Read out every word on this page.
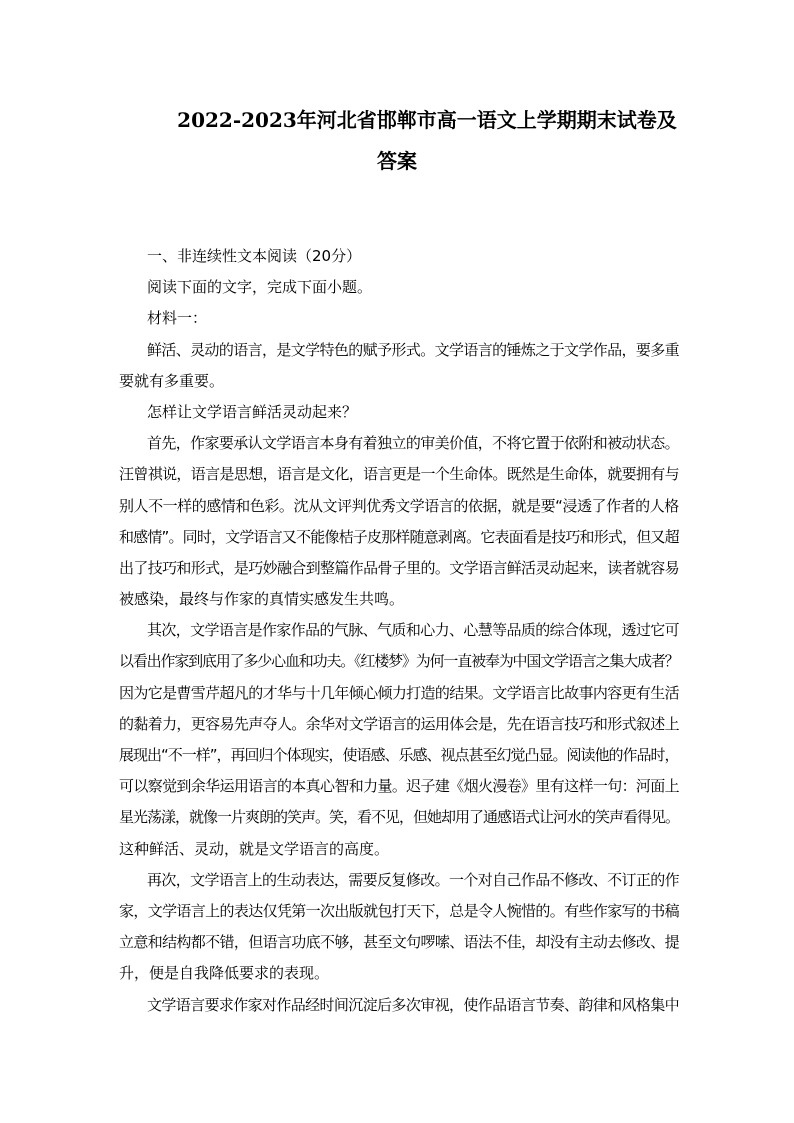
2022-2023年河北省邯郸市高一语文上学期期末试卷及
答案
一、非连续性文本阅读（20分）
阅读下面的文字，完成下面小题。
材料一：
鲜活、灵动的语言，是文学特色的赋予形式。文学语言的锤炼之于文学作品，要多重
要就有多重要。
怎样让文学语言鲜活灵动起来？
首先，作家要承认文学语言本身有着独立的审美价值，不将它置于依附和被动状态。
汪曾祺说，语言是思想，语言是文化，语言更是一个生命体。既然是生命体，就要拥有与
别人不一样的感情和色彩。沈从文评判优秀文学语言的依据，就是要“浸透了作者的人格
和感情”。同时，文学语言又不能像桔子皮那样随意剥离。它表面看是技巧和形式，但又超
出了技巧和形式，是巧妙融合到整篇作品骨子里的。文学语言鲜活灵动起来，读者就容易
被感染，最终与作家的真情实感发生共鸣。
其次，文学语言是作家作品的气脉、气质和心力、心慧等品质的综合体现，透过它可
以看出作家到底用了多少心血和功夫。《红楼梦》为何一直被奉为中国文学语言之集大成者？
因为它是曹雪芹超凡的才华与十几年倾心倾力打造的结果。文学语言比故事内容更有生活
的黏着力，更容易先声夺人。余华对文学语言的运用体会是，先在语言技巧和形式叙述上
展现出“不一样”，再回归个体现实，使语感、乐感、视点甚至幻觉凸显。阅读他的作品时，
可以察觉到余华运用语言的本真心智和力量。迟子建《烟火漫卷》里有这样一句：河面上
星光荡漾，就像一片爽朗的笑声。笑，看不见，但她却用了通感语式让河水的笑声看得见。
这种鲜活、灵动，就是文学语言的高度。
再次，文学语言上的生动表达，需要反复修改。一个对自己作品不修改、不订正的作
家，文学语言上的表达仅凭第一次出版就包打天下，总是令人惋惜的。有些作家写的书稿
立意和结构都不错，但语言功底不够，甚至文句啰嗦、语法不佳，却没有主动去修改、提
升，便是自我降低要求的表现。
文学语言要求作家对作品经时间沉淀后多次审视，使作品语言节奏、韵律和风格集中
